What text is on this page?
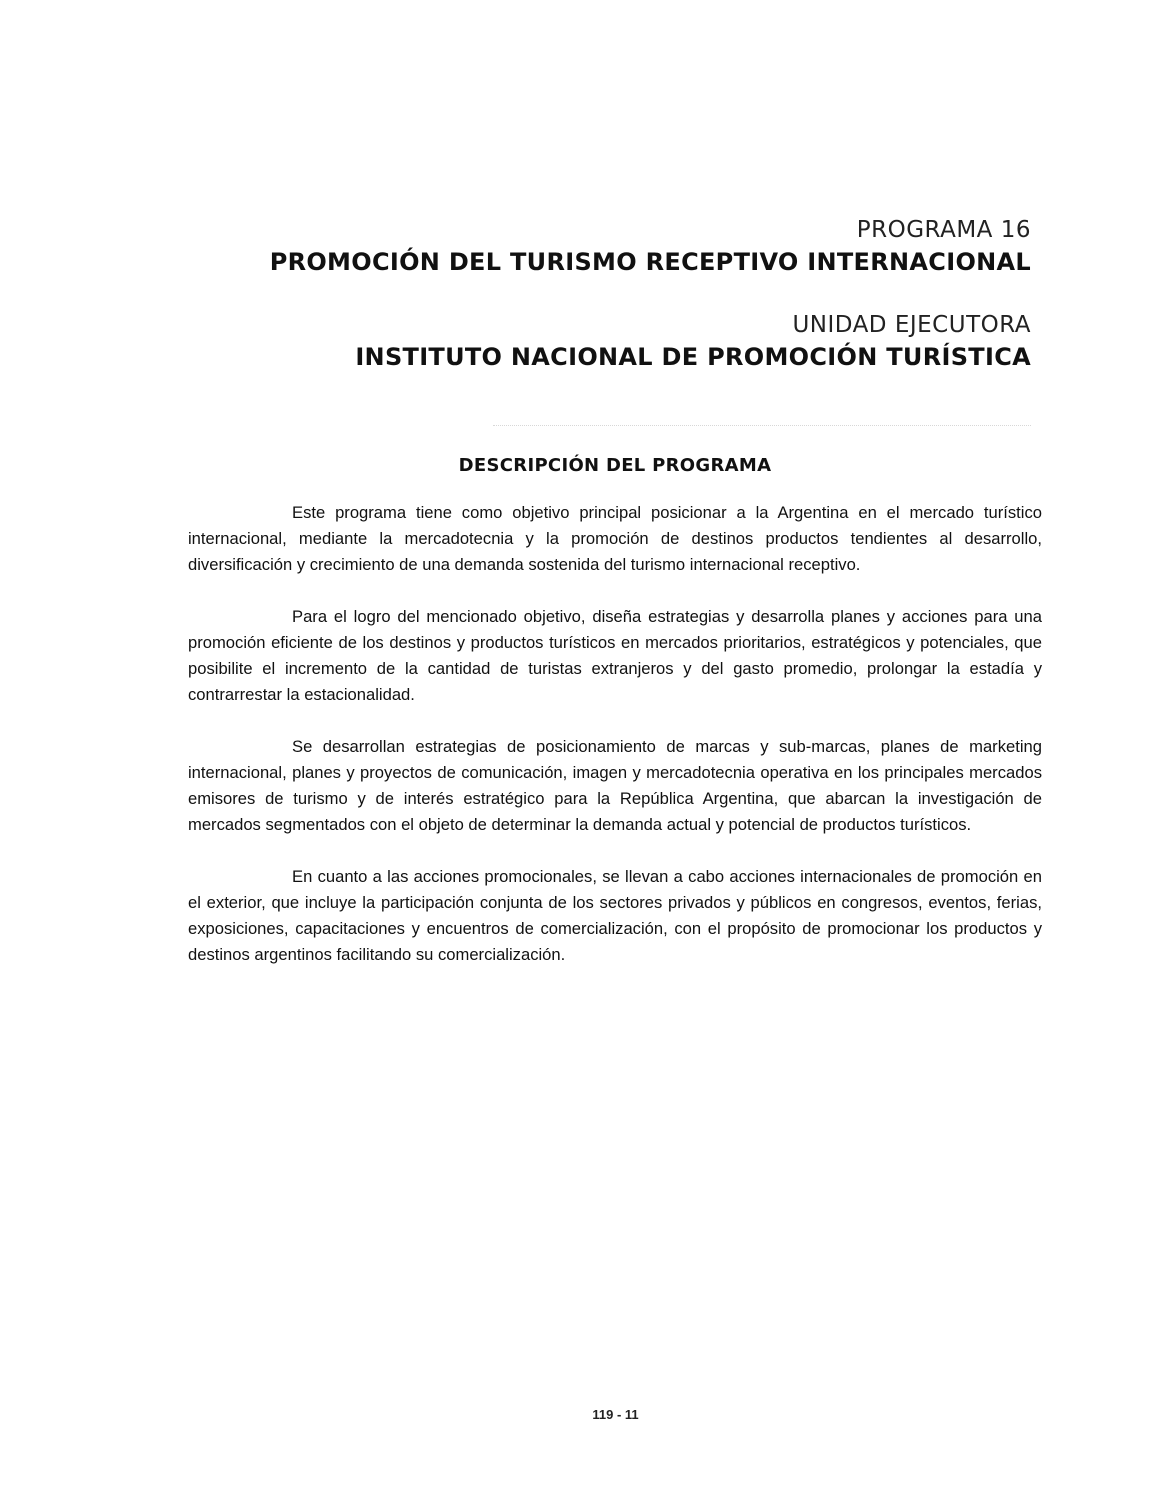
PROGRAMA 16
PROMOCIÓN DEL TURISMO RECEPTIVO INTERNACIONAL
UNIDAD EJECUTORA
INSTITUTO NACIONAL DE PROMOCIÓN TURÍSTICA
DESCRIPCIÓN DEL PROGRAMA

Este programa tiene como objetivo principal posicionar a la Argentina en el mercado turístico internacional, mediante la mercadotecnia y la promoción de destinos productos tendientes al desarrollo, diversificación y crecimiento de una demanda sostenida del turismo internacional receptivo.

Para el logro del mencionado objetivo, diseña estrategias y desarrolla planes y acciones para una promoción eficiente de los destinos y productos turísticos en mercados prioritarios, estratégicos y potenciales, que posibilite el incremento de la cantidad de turistas extranjeros y del gasto promedio, prolongar la estadía y contrarrestar la estacionalidad.

Se desarrollan estrategias de posicionamiento de marcas y sub-marcas, planes de marketing internacional, planes y proyectos de comunicación, imagen y mercadotecnia operativa en los principales mercados emisores de turismo y de interés estratégico para la República Argentina, que abarcan la investigación de mercados segmentados con el objeto de determinar la demanda actual y potencial de productos turísticos.

En cuanto a las acciones promocionales, se llevan a cabo acciones internacionales de promoción en el exterior, que incluye la participación conjunta de los sectores privados y públicos en congresos, eventos, ferias, exposiciones, capacitaciones y encuentros de comercialización, con el propósito de promocionar los productos y destinos argentinos facilitando su comercialización.

119 - 11
